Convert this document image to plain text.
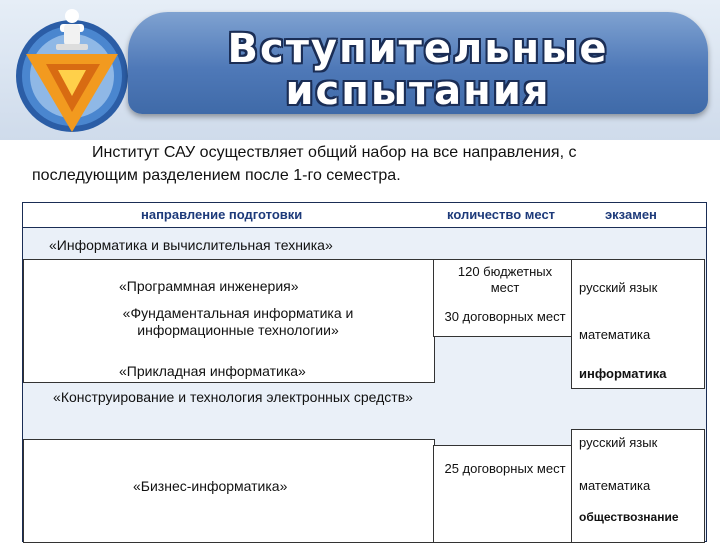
Вступительные
испытания
Институт САУ осуществляет общий набор на все направления, с последующим разделением после 1-го семестра.
направление подготовки	количество мест	экзамен
«Информатика и вычислительная техника»
«Программная инженерия»
«Фундаментальная информатика и информационные технологии»
«Прикладная информатика»
120 бюджетных мест
30 договорных мест
русский язык
математика
информатика
«Конструирование и технология электронных средств»
«Бизнес-информатика»
25 договорных мест
русский язык
математика
обществознание
